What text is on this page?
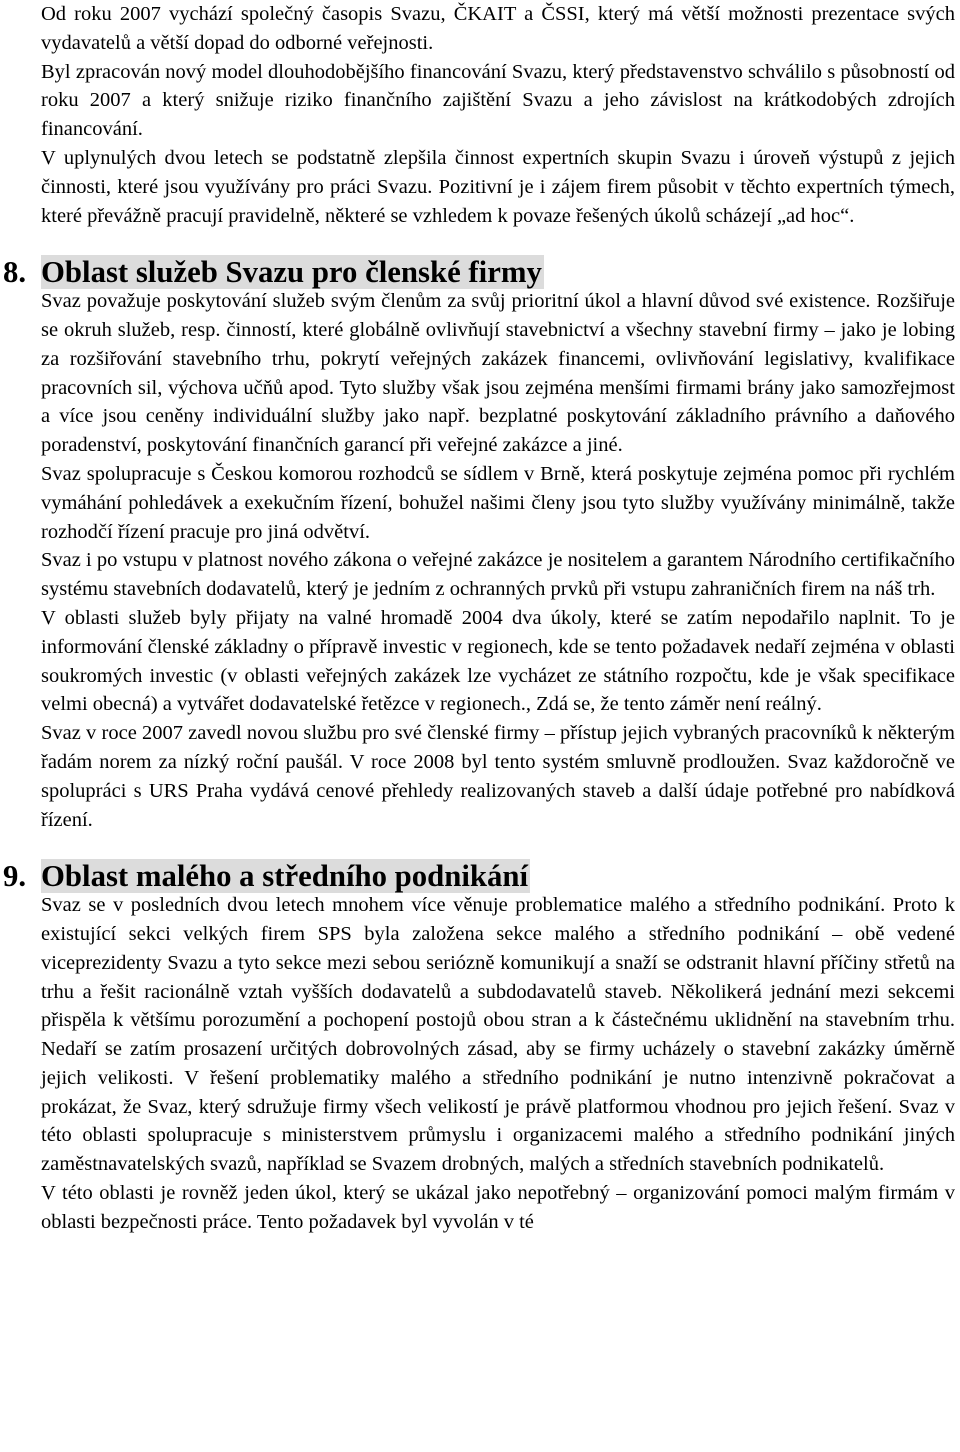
Od roku 2007 vychází společný časopis Svazu, ČKAIT a ČSSI, který má větší možnosti prezentace svých vydavatelů a větší dopad do odborné veřejnosti.

Byl zpracován nový model dlouhodobějšího financování Svazu, který představenstvo schválilo s působností od roku 2007 a který snižuje riziko finančního zajištění Svazu a jeho závislost na krátkodobých zdrojích financování.

V uplynulých dvou letech se podstatně zlepšila činnost expertních skupin Svazu i úroveň výstupů z jejich činnosti, které jsou využívány pro práci Svazu. Pozitivní je i zájem firem působit v těchto expertních týmech, které převážně pracují pravidelně, některé se vzhledem k povaze řešených úkolů scházejí „ad hoc“.

8. Oblast služeb Svazu pro členské firmy

Svaz považuje poskytování služeb svým členům za svůj prioritní úkol a hlavní důvod své existence. Rozšiřuje se okruh služeb, resp. činností, které globálně ovlivňují stavebnictví a všechny stavební firmy – jako je lobing za rozšiřování stavebního trhu, pokrytí veřejných zakázek financemi, ovlivňování legislativy, kvalifikace pracovních sil, výchova učňů apod. Tyto služby však jsou zejména menšími firmami brány jako samozřejmost a více jsou ceněny individuální služby jako např. bezplatné poskytování základního právního a daňového poradenství, poskytování finančních garancí při veřejné zakázce a jiné.

Svaz spolupracuje s Českou komorou rozhodců se sídlem v Brně, která poskytuje zejména pomoc při rychlém vymáhání pohledávek a exekučním řízení, bohužel našimi členy jsou tyto služby využívány minimálně, takže rozhodčí řízení pracuje pro jiná odvětví.

Svaz i po vstupu v platnost nového zákona o veřejné zakázce je nositelem a garantem Národního certifikačního systému stavebních dodavatelů, který je jedním z ochranných prvků při vstupu zahraničních firem na náš trh.

V oblasti služeb byly přijaty na valné hromadě 2004 dva úkoly, které se zatím nepodařilo naplnit. To je informování členské základny o přípravě investic v regionech, kde se tento požadavek nedaří zejména v oblasti soukromých investic (v oblasti veřejných zakázek lze vycházet ze státního rozpočtu, kde je však specifikace velmi obecná) a vytvářet dodavatelské řetězce v regionech., Zdá se, že tento záměr není reálný.

Svaz v roce 2007 zavedl novou službu pro své členské firmy – přístup jejich vybraných pracovníků k některým řadám norem za nízký roční paušál. V roce 2008 byl tento systém smluvně prodloužen. Svaz každoročně ve spolupráci s URS Praha vydává cenové přehledy realizovaných staveb a další údaje potřebné pro nabídková řízení.

9. Oblast malého a středního podnikání

Svaz se v posledních dvou letech mnohem více věnuje problematice malého a středního podnikání. Proto k existující sekci velkých firem SPS byla založena sekce malého a středního podnikání – obě vedené viceprezidenty Svazu a tyto sekce mezi sebou seriózně komunikují a snaží se odstranit hlavní příčiny střetů na trhu a řešit racionálně vztah vyšších dodavatelů a subdodavatelů staveb. Několikerá jednání mezi sekcemi přispěla k většímu porozumění a pochopení postojů obou stran a k částečnému uklidnění na stavebním trhu. Nedaří se zatím prosazení určitých dobrovolných zásad, aby se firmy ucházely o stavební zakázky úměrně jejich velikosti. V řešení problematiky malého a středního podnikání je nutno intenzivně pokračovat a prokázat, že Svaz, který sdružuje firmy všech velikostí je právě platformou vhodnou pro jejich řešení. Svaz v této oblasti spolupracuje s ministerstvem průmyslu i organizacemi malého a středního podnikání jiných zaměstnavatelských svazů, například se Svazem drobných, malých a středních stavebních podnikatelů.

V této oblasti je rovněž jeden úkol, který se ukázal jako nepotřebný – organizování pomoci malým firmám v oblasti bezpečnosti práce. Tento požadavek byl vyvolán v té
